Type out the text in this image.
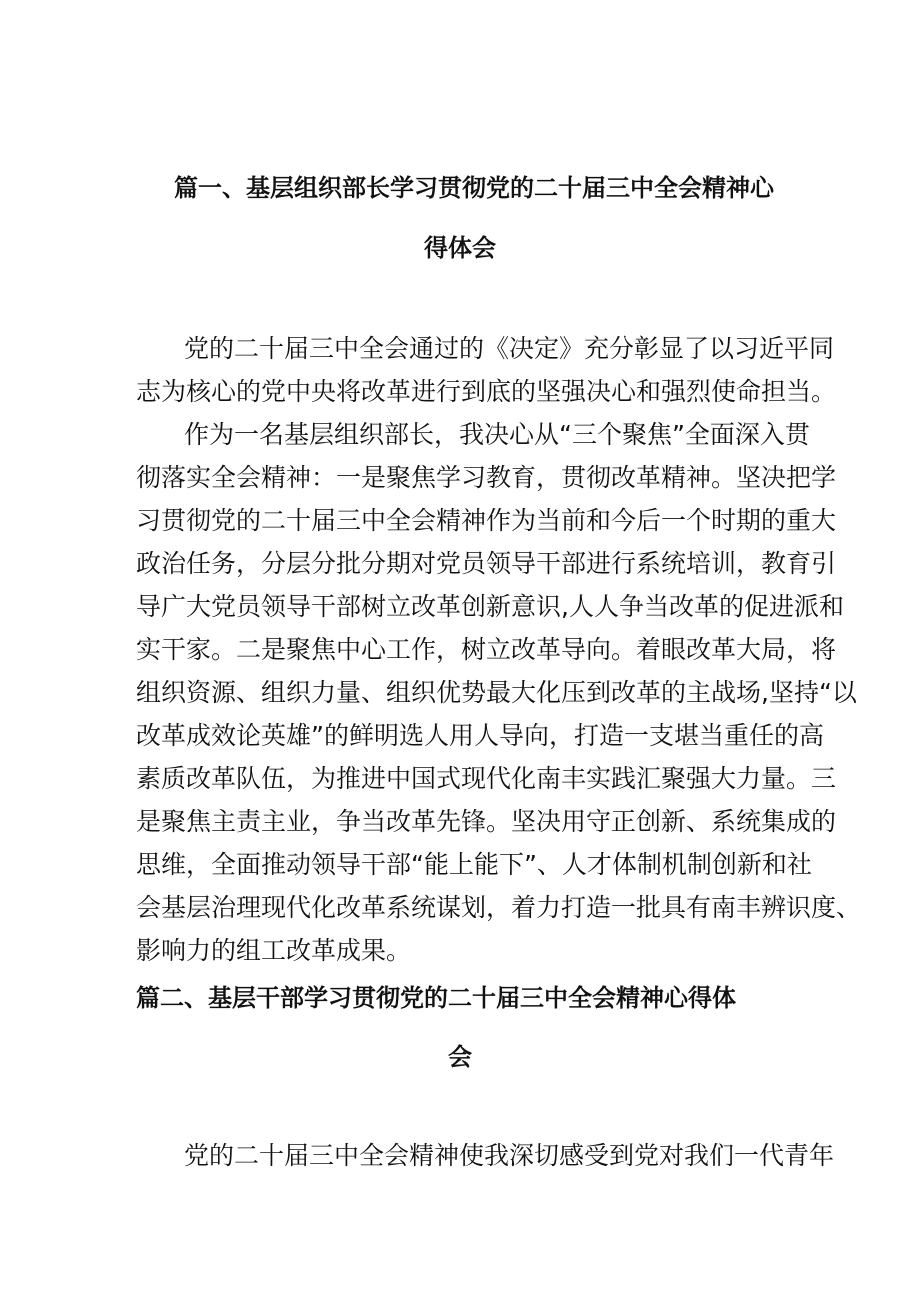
篇一、基层组织部长学习贯彻党的二十届三中全会精神心
得体会
党的二十届三中全会通过的《决定》充分彰显了以习近平同
志为核心的党中央将改革进行到底的坚强决心和强烈使命担当。
作为一名基层组织部长，我决心从“三个聚焦”全面深入贯
彻落实全会精神：一是聚焦学习教育，贯彻改革精神。坚决把学
习贯彻党的二十届三中全会精神作为当前和今后一个时期的重大
政治任务，分层分批分期对党员领导干部进行系统培训，教育引
导广大党员领导干部树立改革创新意识,人人争当改革的促进派和
实干家。二是聚焦中心工作，树立改革导向。着眼改革大局，将
组织资源、组织力量、组织优势最大化压到改革的主战场,坚持“以
改革成效论英雄”的鲜明选人用人导向，打造一支堪当重任的高
素质改革队伍，为推进中国式现代化南丰实践汇聚强大力量。三
是聚焦主责主业，争当改革先锋。坚决用守正创新、系统集成的
思维，全面推动领导干部“能上能下”、人才体制机制创新和社
会基层治理现代化改革系统谋划，着力打造一批具有南丰辨识度、
影响力的组工改革成果。
篇二、基层干部学习贯彻党的二十届三中全会精神心得体
会
党的二十届三中全会精神使我深切感受到党对我们一代青年
